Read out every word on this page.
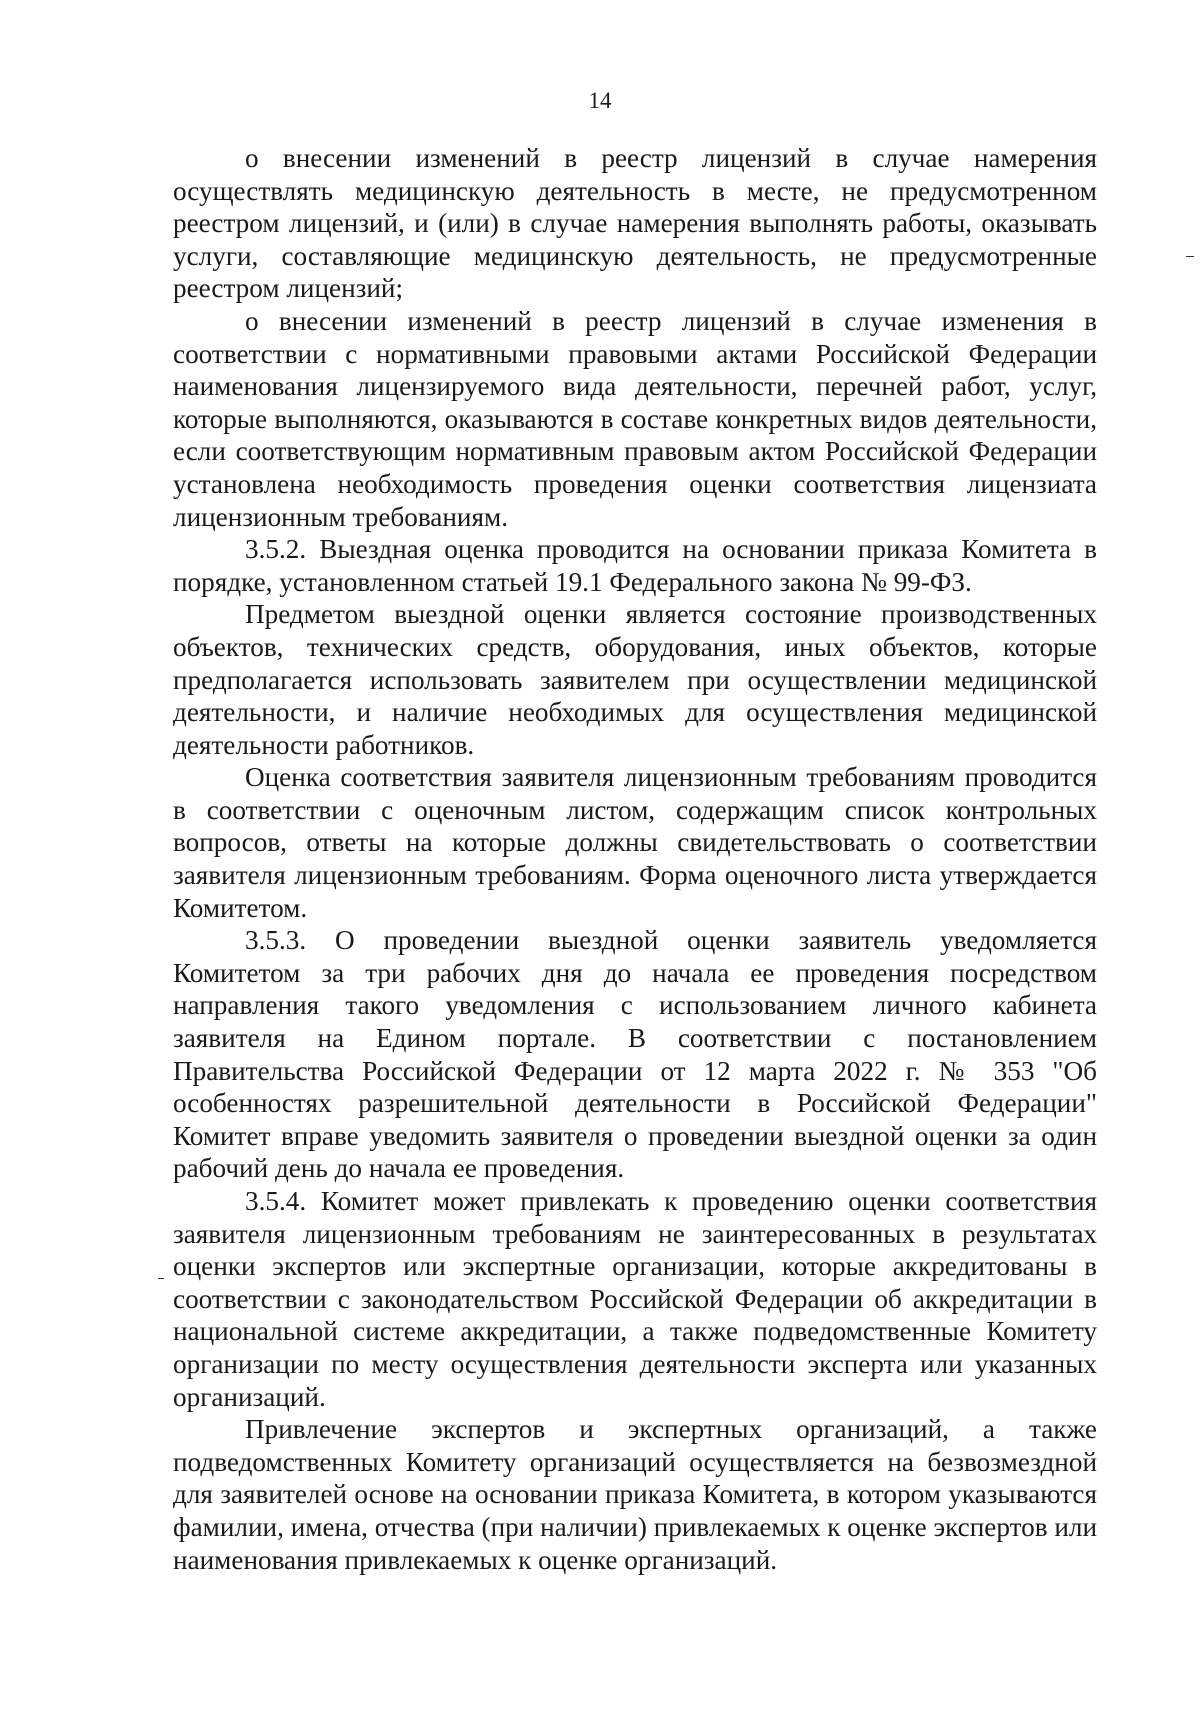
14

о внесении изменений в реестр лицензий в случае намерения осуществлять медицинскую деятельность в месте, не предусмотренном реестром лицензий, и (или) в случае намерения выполнять работы, оказывать услуги, составляющие медицинскую деятельность, не предусмотренные реестром лицензий;

о внесении изменений в реестр лицензий в случае изменения в соответствии с нормативными правовыми актами Российской Федерации наименования лицензируемого вида деятельности, перечней работ, услуг, которые выполняются, оказываются в составе конкретных видов деятельности, если соответствующим нормативным правовым актом Российской Федерации установлена необходимость проведения оценки соответствия лицензиата лицензионным требованиям.

3.5.2. Выездная оценка проводится на основании приказа Комитета в порядке, установленном статьей 19.1 Федерального закона № 99-ФЗ.

Предметом выездной оценки является состояние производственных объектов, технических средств, оборудования, иных объектов, которые предполагается использовать заявителем при осуществлении медицинской деятельности, и наличие необходимых для осуществления медицинской деятельности работников.

Оценка соответствия заявителя лицензионным требованиям проводится в соответствии с оценочным листом, содержащим список контрольных вопросов, ответы на которые должны свидетельствовать о соответствии заявителя лицензионным требованиям. Форма оценочного листа утверждается Комитетом.

3.5.3. О проведении выездной оценки заявитель уведомляется Комитетом за три рабочих дня до начала ее проведения посредством направления такого уведомления с использованием личного кабинета заявителя на Едином портале. В соответствии с постановлением Правительства Российской Федерации от 12 марта 2022 г. № 353 "Об особенностях разрешительной деятельности в Российской Федерации" Комитет вправе уведомить заявителя о проведении выездной оценки за один рабочий день до начала ее проведения.

3.5.4. Комитет может привлекать к проведению оценки соответствия заявителя лицензионным требованиям не заинтересованных в результатах оценки экспертов или экспертные организации, которые аккредитованы в соответствии с законодательством Российской Федерации об аккредитации в национальной системе аккредитации, а также подведомственные Комитету организации по месту осуществления деятельности эксперта или указанных организаций.

Привлечение экспертов и экспертных организаций, а также подведомственных Комитету организаций осуществляется на безвозмездной для заявителей основе на основании приказа Комитета, в котором указываются фамилии, имена, отчества (при наличии) привлекаемых к оценке экспертов или наименования привлекаемых к оценке организаций.
